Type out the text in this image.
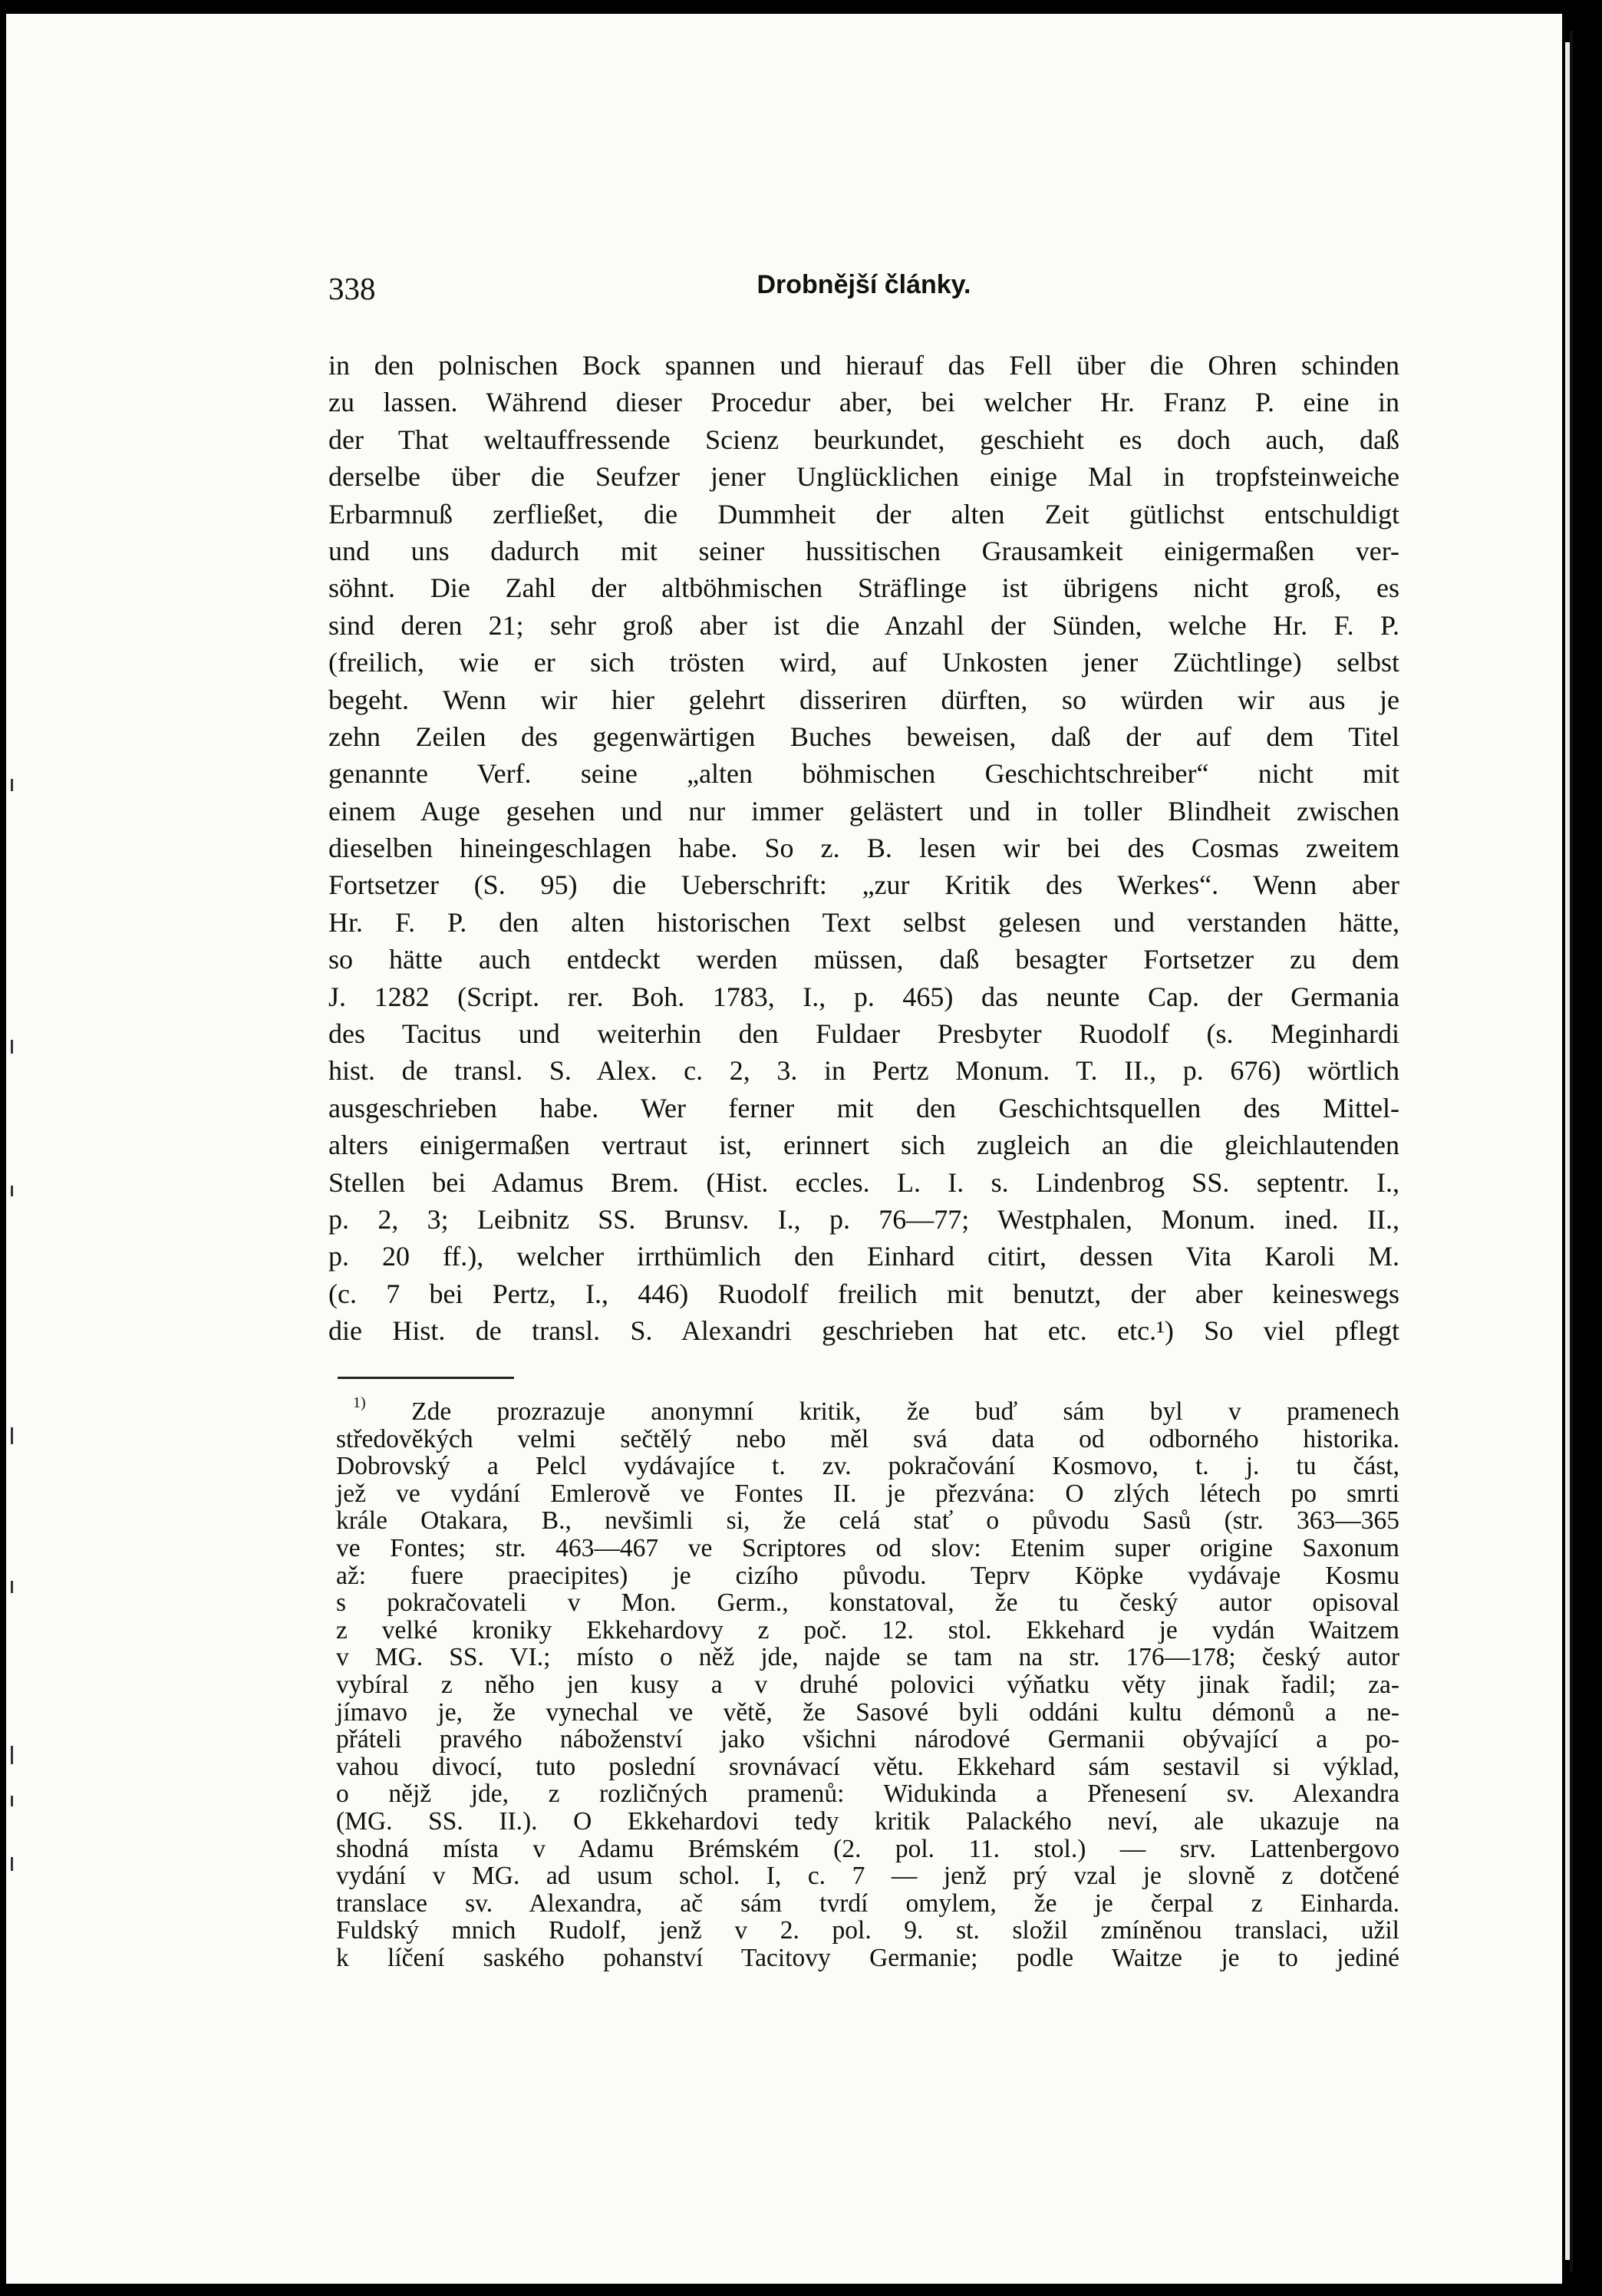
338	Drobnější články.
in den polnischen Bock spannen und hierauf das Fell über die Ohren schinden
zu lassen. Während dieser Procedur aber, bei welcher Hr. Franz P. eine in
der That weltauffressende Scienz beurkundet, geschieht es doch auch, daß
derselbe über die Seufzer jener Unglücklichen einige Mal in tropfsteinweiche
Erbarmnuß zerfließet, die Dummheit der alten Zeit gütlichst entschuldigt
und uns dadurch mit seiner hussitischen Grausamkeit einigermaßen ver-
söhnt. Die Zahl der altböhmischen Sträflinge ist übrigens nicht groß, es
sind deren 21; sehr groß aber ist die Anzahl der Sünden, welche Hr. F. P.
(freilich, wie er sich trösten wird, auf Unkosten jener Züchtlinge) selbst
begeht. Wenn wir hier gelehrt disseriren dürften, so würden wir aus je
zehn Zeilen des gegenwärtigen Buches beweisen, daß der auf dem Titel
genannte Verf. seine „alten böhmischen Geschichtschreiber“ nicht mit
einem Auge gesehen und nur immer gelästert und in toller Blindheit zwischen
dieselben hineingeschlagen habe. So z. B. lesen wir bei des Cosmas zweitem
Fortsetzer (S. 95) die Ueberschrift: „zur Kritik des Werkes“. Wenn aber
Hr. F. P. den alten historischen Text selbst gelesen und verstanden hätte,
so hätte auch entdeckt werden müssen, daß besagter Fortsetzer zu dem
J. 1282 (Script. rer. Boh. 1783, I., p. 465) das neunte Cap. der Germania
des Tacitus und weiterhin den Fuldaer Presbyter Ruodolf (s. Meginhardi
hist. de transl. S. Alex. c. 2, 3. in Pertz Monum. T. II., p. 676) wörtlich
ausgeschrieben habe. Wer ferner mit den Geschichtsquellen des Mittel-
alters einigermaßen vertraut ist, erinnert sich zugleich an die gleichlautenden
Stellen bei Adamus Brem. (Hist. eccles. L. I. s. Lindenbrog SS. septentr. I.,
p. 2, 3; Leibnitz SS. Brunsv. I., p. 76—77; Westphalen, Monum. ined. II.,
p. 20 ff.), welcher irrthümlich den Einhard citirt, dessen Vita Karoli M.
(c. 7 bei Pertz, I., 446) Ruodolf freilich mit benutzt, der aber keineswegs
die Hist. de transl. S. Alexandri geschrieben hat etc. etc.¹) So viel pflegt
$^{1)}$ Zde prozrazuje anonymní kritik, že buď sám byl v pramenech
středověkých velmi sečtělý nebo měl svá data od odborného historika.
Dobrovský a Pelcl vydávajíce t. zv. pokračování Kosmovo, t. j. tu část,
jež ve vydání Emlerově ve Fontes II. je přezvána: O zlých létech po smrti
krále Otakara, B., nevšimli si, že celá stať o původu Sasů (str. 363—365
ve Fontes; str. 463—467 ve Scriptores od slov: Etenim super origine Saxonum
až: fuere praecipites) je cizího původu. Teprv Köpke vydávaje Kosmu
s pokračovateli v Mon. Germ., konstatoval, že tu český autor opisoval
z velké kroniky Ekkehardovy z poč. 12. stol. Ekkehard je vydán Waitzem
v MG. SS. VI.; místo o něž jde, najde se tam na str. 176—178; český autor
vybíral z něho jen kusy a v druhé polovici výňatku věty jinak řadil; za-
jímavo je, že vynechal ve větě, že Sasové byli oddáni kultu démonů a ne-
přáteli pravého náboženství jako všichni národové Germanii obývající a po-
vahou divocí, tuto poslední srovnávací větu. Ekkehard sám sestavil si výklad,
o nějž jde, z rozličných pramenů: Widukinda a Přenesení sv. Alexandra
(MG. SS. II.). O Ekkehardovi tedy kritik Palackého neví, ale ukazuje na
shodná místa v Adamu Brémském (2. pol. 11. stol.) — srv. Lattenbergovo
vydání v MG. ad usum schol. I, c. 7 — jenž prý vzal je slovně z dotčené
translace sv. Alexandra, ač sám tvrdí omylem, že je čerpal z Einharda.
Fuldský mnich Rudolf, jenž v 2. pol. 9. st. složil zmíněnou translaci, užil
k líčení saského pohanství Tacitovy Germanie; podle Waitze je to jediné
